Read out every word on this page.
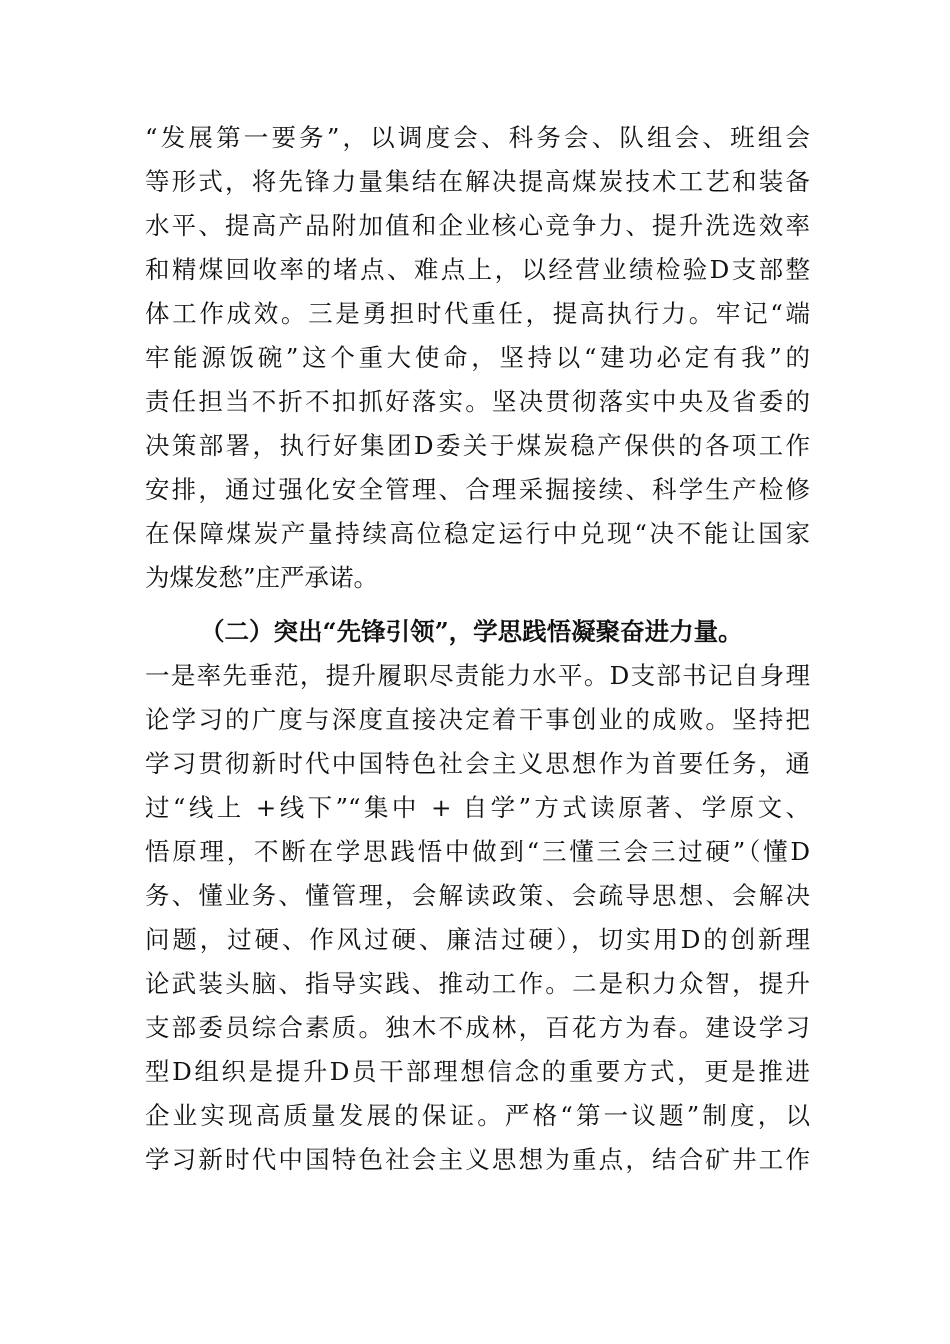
“发展第一要务”，以调度会、科务会、队组会、班组会
等形式，将先锋力量集结在解决提高煤炭技术工艺和装备
水平、提高产品附加值和企业核心竞争力、提升洗选效率
和精煤回收率的堵点、难点上，以经营业绩检验D支部整
体工作成效。三是勇担时代重任，提高执行力。牢记“端
牢能源饭碗”这个重大使命，坚持以“建功必定有我”的
责任担当不折不扣抓好落实。坚决贯彻落实中央及省委的
决策部署，执行好集团D委关于煤炭稳产保供的各项工作
安排，通过强化安全管理、合理采掘接续、科学生产检修
在保障煤炭产量持续高位稳定运行中兑现“决不能让国家
为煤发愁”庄严承诺。
（二）突出“先锋引领”，学思践悟凝聚奋进力量。
一是率先垂范，提升履职尽责能力水平。D支部书记自身理
论学习的广度与深度直接决定着干事创业的成败。坚持把
学习贯彻新时代中国特色社会主义思想作为首要任务，通
过“线上 +线下”“集中 + 自学”方式读原著、学原文、
悟原理，不断在学思践悟中做到“三懂三会三过硬”（懂D
务、懂业务、懂管理，会解读政策、会疏导思想、会解决
问题，过硬、作风过硬、廉洁过硬），切实用D的创新理
论武装头脑、指导实践、推动工作。二是积力众智，提升
支部委员综合素质。独木不成林，百花方为春。建设学习
型D组织是提升D员干部理想信念的重要方式，更是推进
企业实现高质量发展的保证。严格“第一议题”制度，以
学习新时代中国特色社会主义思想为重点，结合矿井工作
